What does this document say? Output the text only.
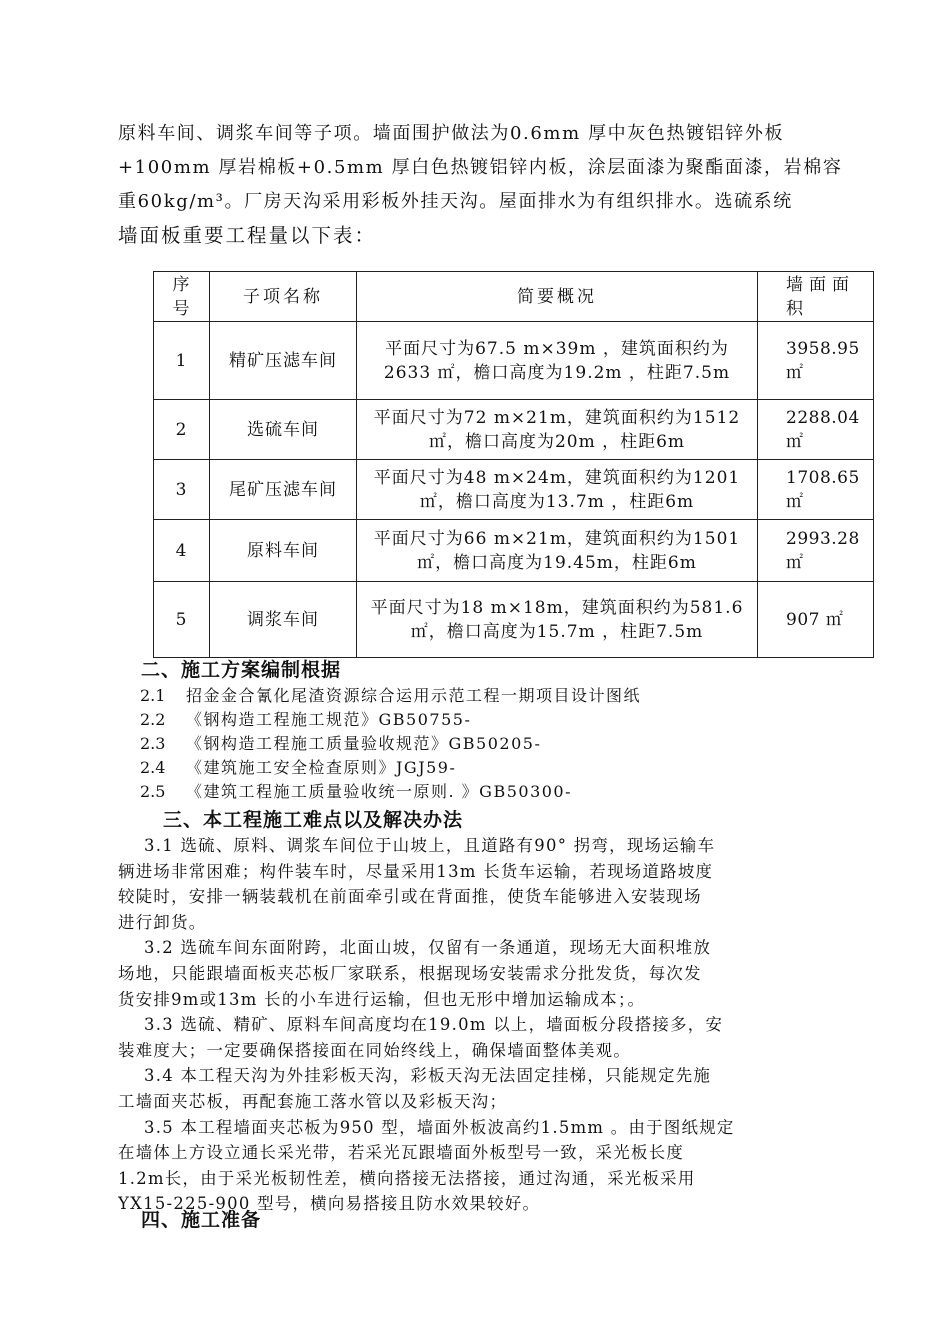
原料车间、调浆车间等子项。墙面围护做法为0.6mm 厚中灰色热镀铝锌外板
+100mm 厚岩棉板+0.5mm 厚白色热镀铝锌内板，涂层面漆为聚酯面漆，岩棉容
重60kg/m³。厂房天沟采用彩板外挂天沟。屋面排水为有组织排水。选硫系统
墙面板重要工程量以下表：
序号	子项名称	简要概况	墙面面积
1	精矿压滤车间	平面尺寸为67.5 m×39m ，建筑面积约为2633 ㎡，檐口高度为19.2m ，柱距7.5m	3958.95 ㎡
2	选硫车间	平面尺寸为72 m×21m，建筑面积约为1512 ㎡，檐口高度为20m ，柱距6m	2288.04 ㎡
3	尾矿压滤车间	平面尺寸为48 m×24m，建筑面积约为1201 ㎡，檐口高度为13.7m ，柱距6m	1708.65 ㎡
4	原料车间	平面尺寸为66 m×21m，建筑面积约为1501 ㎡，檐口高度为19.45m，柱距6m	2993.28 ㎡
5	调浆车间	平面尺寸为18 m×18m，建筑面积约为581.6㎡，檐口高度为15.7m ，柱距7.5m	907 ㎡
二、施工方案编制根据
2.1 招金金合氰化尾渣资源综合运用示范工程一期项目设计图纸
2.2 《钢构造工程施工规范》GB50755-
2.3 《钢构造工程施工质量验收规范》GB50205-
2.4 《建筑施工安全检查原则》JGJ59-
2.5 《建筑工程施工质量验收统一原则. 》GB50300-
三、本工程施工难点以及解决办法
3.1 选硫、原料、调浆车间位于山坡上，且道路有90° 拐弯，现场运输车
辆进场非常困难；构件装车时，尽量采用13m 长货车运输，若现场道路坡度
较陡时，安排一辆装载机在前面牵引或在背面推，使货车能够进入安装现场
进行卸货。
3.2 选硫车间东面附跨，北面山坡，仅留有一条通道，现场无大面积堆放
场地，只能跟墙面板夹芯板厂家联系，根据现场安装需求分批发货，每次发
货安排9m或13m 长的小车进行运输，但也无形中增加运输成本；。
3.3 选硫、精矿、原料车间高度均在19.0m 以上，墙面板分段搭接多，安
装难度大；一定要确保搭接面在同始终线上，确保墙面整体美观。
3.4 本工程天沟为外挂彩板天沟，彩板天沟无法固定挂梯，只能规定先施
工墙面夹芯板，再配套施工落水管以及彩板天沟；
3.5 本工程墙面夹芯板为950 型，墙面外板波高约1.5mm 。由于图纸规定
在墙体上方设立通长采光带，若采光瓦跟墙面外板型号一致，采光板长度
1.2m长，由于采光板韧性差，横向搭接无法搭接，通过沟通，采光板采用
YX15-225-900 型号，横向易搭接且防水效果较好。
四、施工准备
